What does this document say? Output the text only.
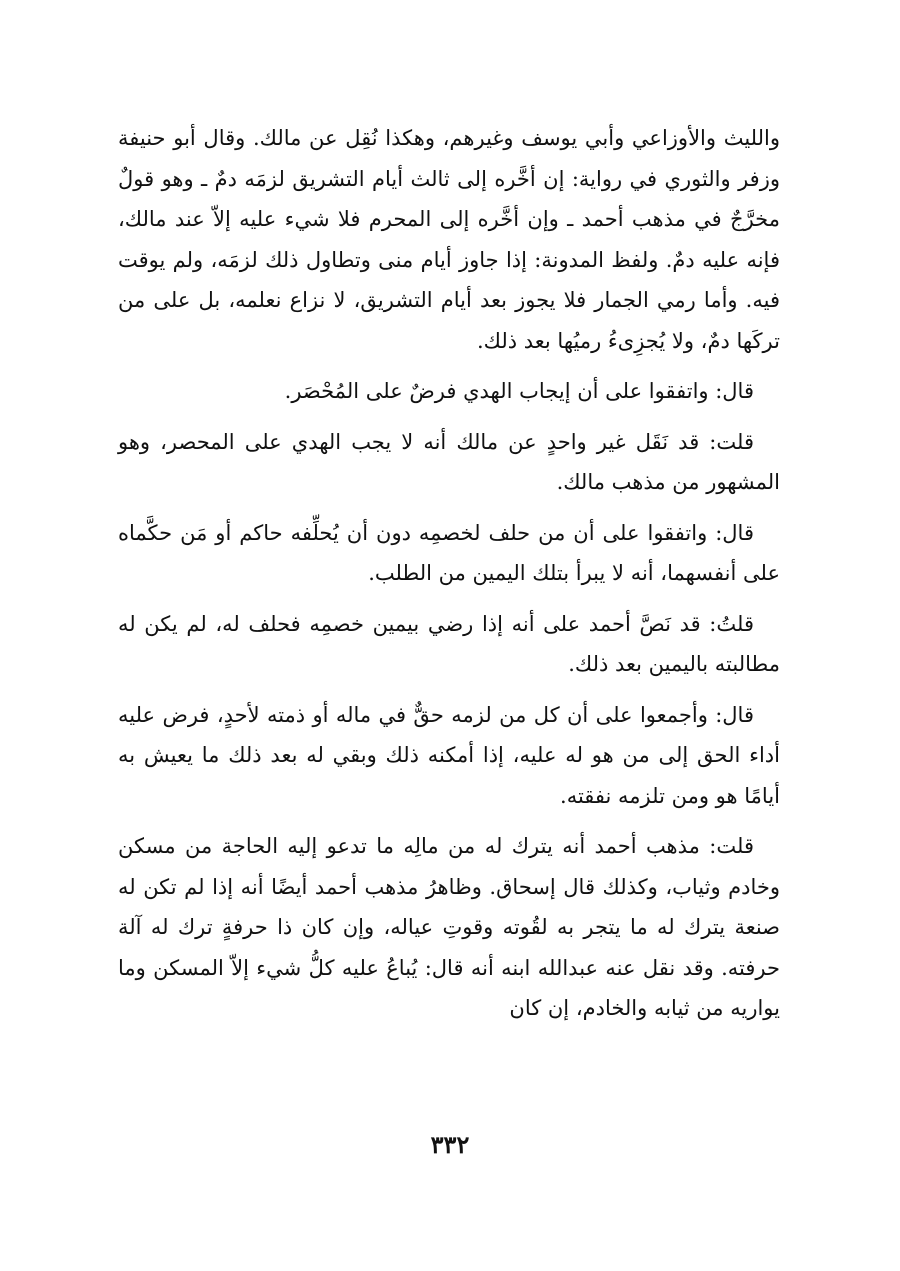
والليث والأوزاعي وأبي يوسف وغيرهم، وهكذا نُقِل عن مالك. وقال أبو حنيفة وزفر والثوري في رواية: إن أخَّره إلى ثالث أيام التشريق لزمَه دمٌ ـ وهو قولٌ مخرَّجٌ في مذهب أحمد ـ وإن أخَّره إلى المحرم فلا شيء عليه إلاّ عند مالك، فإنه عليه دمٌ. ولفظ المدونة: إذا جاوز أيام منى وتطاول ذلك لزمَه، ولم يوقت فيه. وأما رمي الجمار فلا يجوز بعد أيام التشريق، لا نزاع نعلمه، بل على من تركَها دمٌ، ولا يُجزِىءُ رميُها بعد ذلك.

قال: واتفقوا على أن إيجاب الهدي فرضٌ على المُحْصَر.

قلت: قد نَقَل غير واحدٍ عن مالك أنه لا يجب الهدي على المحصر، وهو المشهور من مذهب مالك.

قال: واتفقوا على أن من حلف لخصمِه دون أن يُحلِّفه حاكم أو مَن حكَّماه على أنفسهما، أنه لا يبرأ بتلك اليمين من الطلب.

قلتُ: قد نَصَّ أحمد على أنه إذا رضي بيمين خصمِه فحلف له، لم يكن له مطالبته باليمين بعد ذلك.

قال: وأجمعوا على أن كل من لزمه حقٌّ في ماله أو ذمته لأحدٍ، فرض عليه أداء الحق إلى من هو له عليه، إذا أمكنه ذلك وبقي له بعد ذلك ما يعيش به أيامًا هو ومن تلزمه نفقته.

قلت: مذهب أحمد أنه يترك له من مالِه ما تدعو إليه الحاجة من مسكن وخادم وثياب، وكذلك قال إسحاق. وظاهرُ مذهب أحمد أيضًا أنه إذا لم تكن له صنعة يترك له ما يتجر به لقُوته وقوتِ عياله، وإن كان ذا حرفةٍ ترك له آلة حرفته. وقد نقل عنه عبدالله ابنه أنه قال: يُباعُ عليه كلُّ شيء إلاّ المسكن وما يواريه من ثيابه والخادم، إن كان

٣٣٢
